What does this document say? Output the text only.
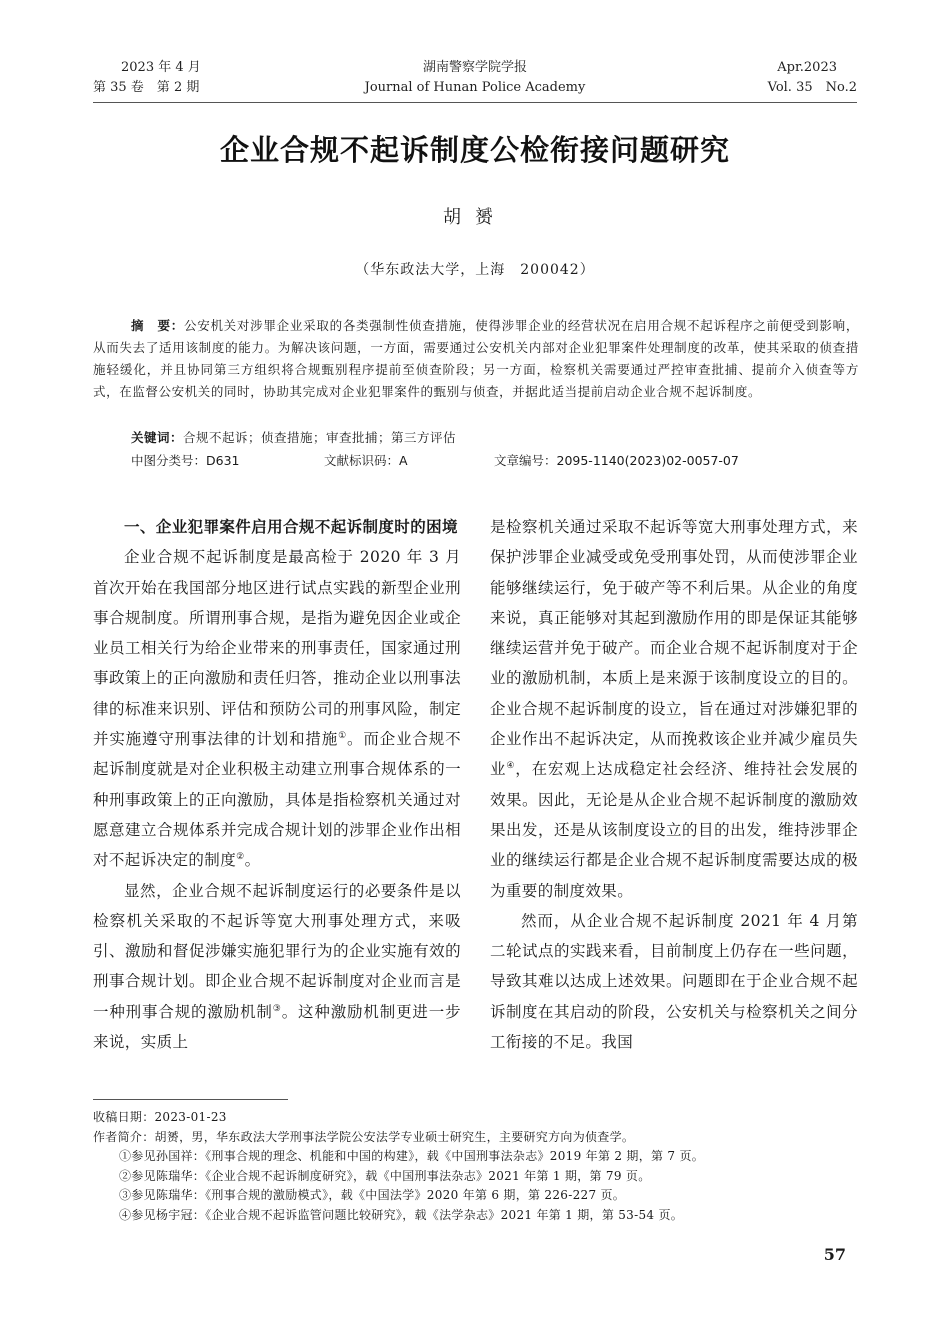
2023 年 4 月
第 35 卷　第 2 期
湖南警察学院学报
Journal of Hunan Police Academy
Apr.2023
Vol. 35　No.2
企业合规不起诉制度公检衔接问题研究
胡赟
（华东政法大学，上海　200042）
摘　要：公安机关对涉罪企业采取的各类强制性侦查措施，使得涉罪企业的经营状况在启用合规不起诉程序之前便受到影响，从而失去了适用该制度的能力。为解决该问题，一方面，需要通过公安机关内部对企业犯罪案件处理制度的改革，使其采取的侦查措施轻缓化，并且协同第三方组织将合规甄别程序提前至侦查阶段；另一方面，检察机关需要通过严控审查批捕、提前介入侦查等方式，在监督公安机关的同时，协助其完成对企业犯罪案件的甄别与侦查，并据此适当提前启动企业合规不起诉制度。
关键词：合规不起诉；侦查措施；审查批捕；第三方评估
中图分类号：D631	文献标识码：A	文章编号：2095-1140(2023)02-0057-07
一、企业犯罪案件启用合规不起诉制度时的困境

企业合规不起诉制度是最高检于 2020 年 3 月首次开始在我国部分地区进行试点实践的新型企业刑事合规制度。所谓刑事合规，是指为避免因企业或企业员工相关行为给企业带来的刑事责任，国家通过刑事政策上的正向激励和责任归答，推动企业以刑事法律的标准来识别、评估和预防公司的刑事风险，制定并实施遵守刑事法律的计划和措施①。而企业合规不起诉制度就是对企业积极主动建立刑事合规体系的一种刑事政策上的正向激励，具体是指检察机关通过对愿意建立合规体系并完成合规计划的涉罪企业作出相对不起诉决定的制度②。

显然，企业合规不起诉制度运行的必要条件是以检察机关采取的不起诉等宽大刑事处理方式，来吸引、激励和督促涉嫌实施犯罪行为的企业实施有效的刑事合规计划。即企业合规不起诉制度对企业而言是一种刑事合规的激励机制③。这种激励机制更进一步来说，实质上

是检察机关通过采取不起诉等宽大刑事处理方式，来保护涉罪企业减受或免受刑事处罚，从而使涉罪企业能够继续运行，免于破产等不利后果。从企业的角度来说，真正能够对其起到激励作用的即是保证其能够继续运营并免于破产。而企业合规不起诉制度对于企业的激励机制，本质上是来源于该制度设立的目的。企业合规不起诉制度的设立，旨在通过对涉嫌犯罪的企业作出不起诉决定，从而挽救该企业并减少雇员失业④，在宏观上达成稳定社会经济、维持社会发展的效果。因此，无论是从企业合规不起诉制度的激励效果出发，还是从该制度设立的目的出发，维持涉罪企业的继续运行都是企业合规不起诉制度需要达成的极为重要的制度效果。

然而，从企业合规不起诉制度 2021 年 4 月第二轮试点的实践来看，目前制度上仍存在一些问题，导致其难以达成上述效果。问题即在于企业合规不起诉制度在其启动的阶段，公安机关与检察机关之间分工衔接的不足。我国

收稿日期：2023-01-23
作者简介：胡赟，男，华东政法大学刑事法学院公安法学专业硕士研究生，主要研究方向为侦查学。
①参见孙国祥：《刑事合规的理念、机能和中国的构建》，载《中国刑事法杂志》2019 年第 2 期，第 7 页。
②参见陈瑞华：《企业合规不起诉制度研究》，载《中国刑事法杂志》2021 年第 1 期，第 79 页。
③参见陈瑞华：《刑事合规的激励模式》，载《中国法学》2020 年第 6 期，第 226-227 页。
④参见杨宇冠：《企业合规不起诉监管问题比较研究》，载《法学杂志》2021 年第 1 期，第 53-54 页。
57
